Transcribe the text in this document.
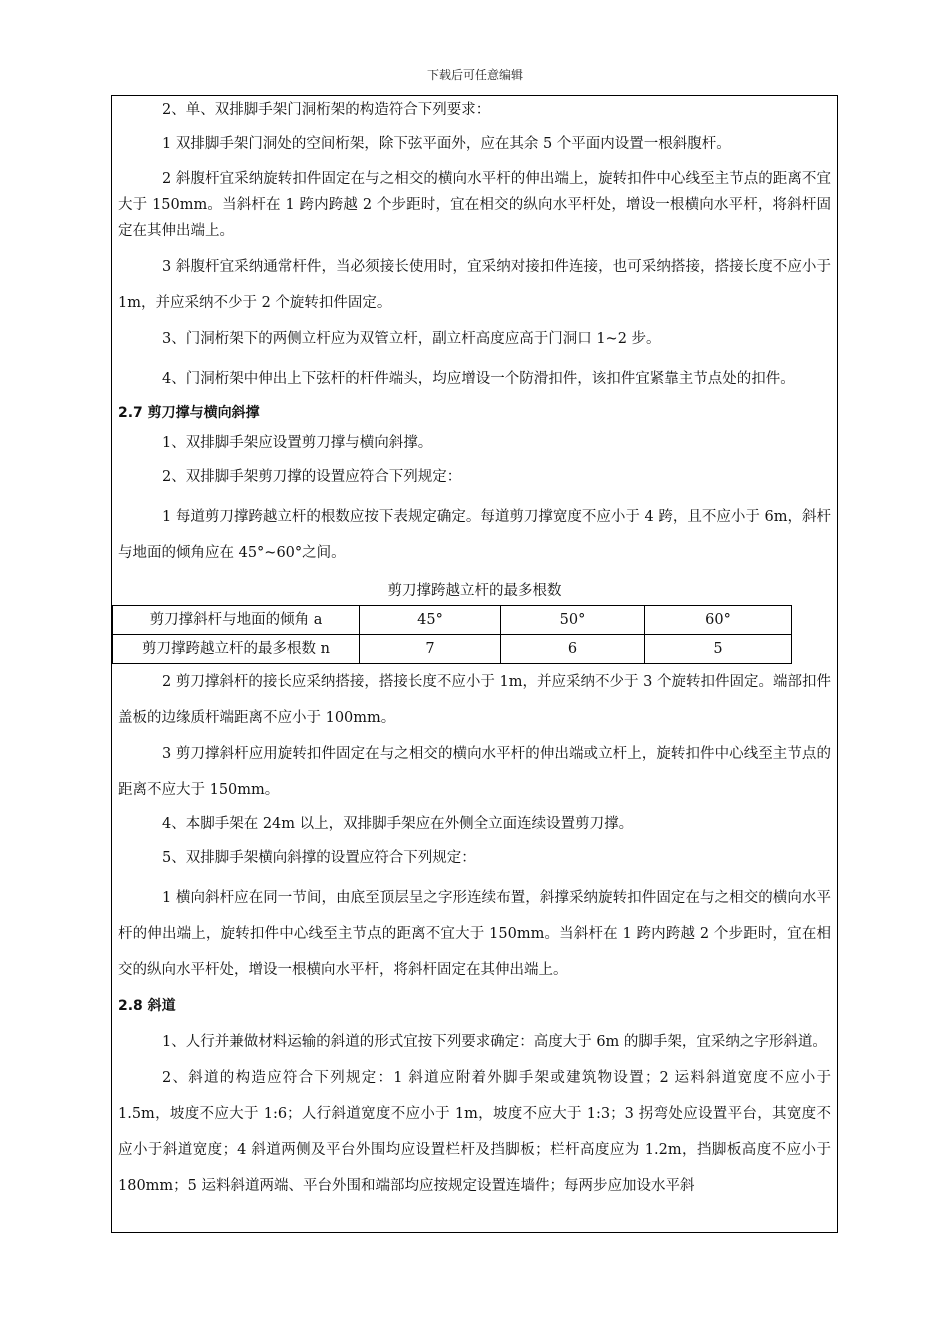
下载后可任意编辑
2、单、双排脚手架门洞桁架的构造符合下列要求：
1 双排脚手架门洞处的空间桁架，除下弦平面外，应在其余 5 个平面内设置一根斜腹杆。
2 斜腹杆宜采纳旋转扣件固定在与之相交的横向水平杆的伸出端上，旋转扣件中心线至主节点的距离不宜大于 150mm。当斜杆在 1 跨内跨越 2 个步距时，宜在相交的纵向水平杆处，增设一根横向水平杆，将斜杆固定在其伸出端上。
3 斜腹杆宜采纳通常杆件，当必须接长使用时，宜采纳对接扣件连接，也可采纳搭接，搭接长度不应小于 1m，并应采纳不少于 2 个旋转扣件固定。
3、门洞桁架下的两侧立杆应为双管立杆，副立杆高度应高于门洞口 1~2 步。
4、门洞桁架中伸出上下弦杆的杆件端头，均应增设一个防滑扣件，该扣件宜紧靠主节点处的扣件。
2.7 剪刀撑与横向斜撑
1、双排脚手架应设置剪刀撑与横向斜撑。
2、双排脚手架剪刀撑的设置应符合下列规定：
1 每道剪刀撑跨越立杆的根数应按下表规定确定。每道剪刀撑宽度不应小于 4 跨，且不应小于 6m，斜杆与地面的倾角应在 45°~60°之间。
剪刀撑跨越立杆的最多根数
剪刀撑斜杆与地面的倾角 a	45°	50°	60°
剪刀撑跨越立杆的最多根数 n	7	6	5
2 剪刀撑斜杆的接长应采纳搭接，搭接长度不应小于 1m，并应采纳不少于 3 个旋转扣件固定。端部扣件盖板的边缘质杆端距离不应小于 100mm。
3 剪刀撑斜杆应用旋转扣件固定在与之相交的横向水平杆的伸出端或立杆上，旋转扣件中心线至主节点的距离不应大于 150mm。
4、本脚手架在 24m 以上，双排脚手架应在外侧全立面连续设置剪刀撑。
5、双排脚手架横向斜撑的设置应符合下列规定：
1 横向斜杆应在同一节间，由底至顶层呈之字形连续布置，斜撑采纳旋转扣件固定在与之相交的横向水平杆的伸出端上，旋转扣件中心线至主节点的距离不宜大于 150mm。当斜杆在 1 跨内跨越 2 个步距时，宜在相交的纵向水平杆处，增设一根横向水平杆，将斜杆固定在其伸出端上。
2.8 斜道
1、人行并兼做材料运输的斜道的形式宜按下列要求确定：高度大于 6m 的脚手架，宜采纳之字形斜道。
2、斜道的构造应符合下列规定：1 斜道应附着外脚手架或建筑物设置；2 运料斜道宽度不应小于 1.5m，坡度不应大于 1:6；人行斜道宽度不应小于 1m，坡度不应大于 1:3；3 拐弯处应设置平台，其宽度不应小于斜道宽度；4 斜道两侧及平台外围均应设置栏杆及挡脚板；栏杆高度应为 1.2m，挡脚板高度不应小于 180mm；5 运料斜道两端、平台外围和端部均应按规定设置连墙件；每两步应加设水平斜
